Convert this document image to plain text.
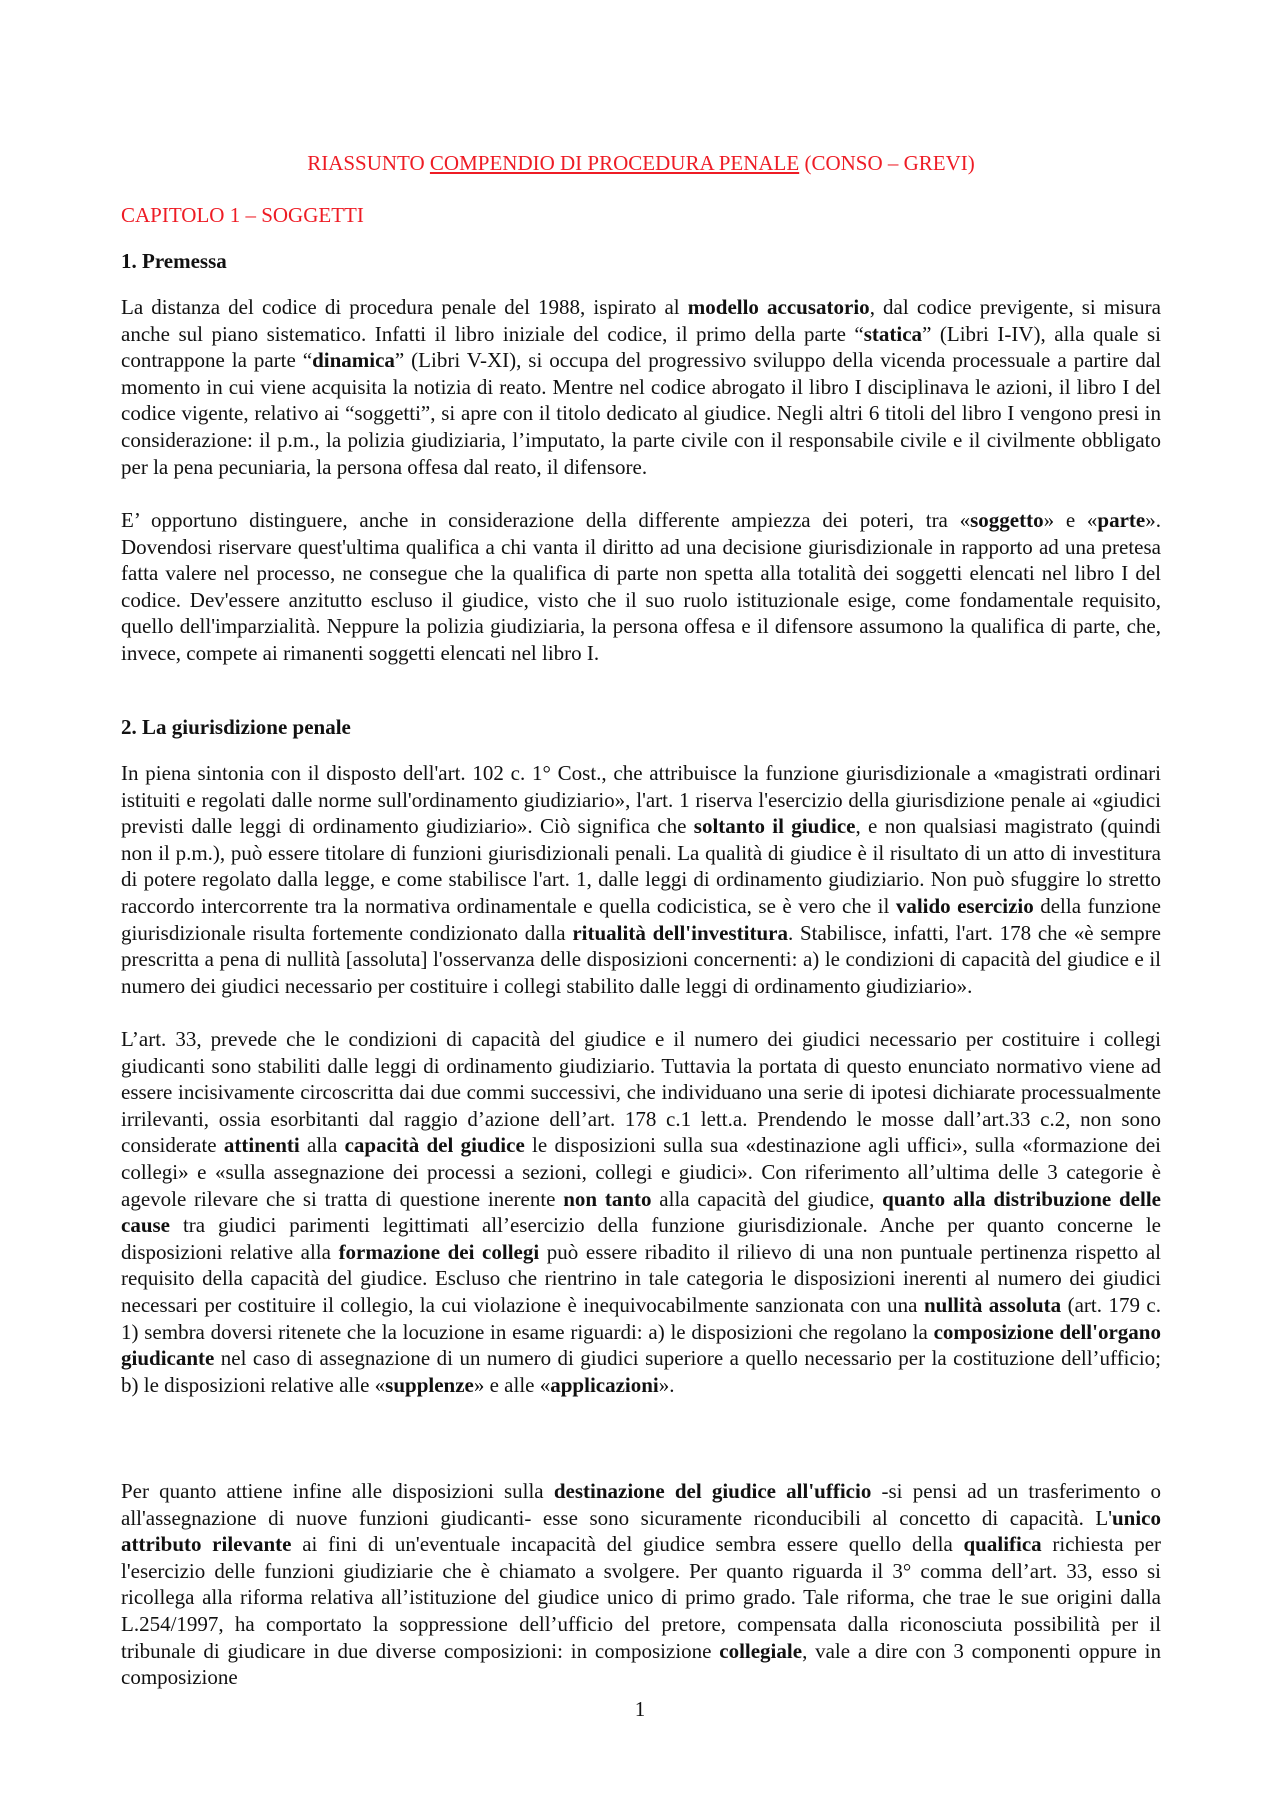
RIASSUNTO COMPENDIO DI PROCEDURA PENALE (CONSO – GREVI)

CAPITOLO 1 – SOGGETTI

1. Premessa

La distanza del codice di procedura penale del 1988, ispirato al modello accusatorio, dal codice previgente, si misura anche sul piano sistematico. Infatti il libro iniziale del codice, il primo della parte “statica” (Libri I-IV), alla quale si contrappone la parte “dinamica” (Libri V-XI), si occupa del progressivo sviluppo della vicenda processuale a partire dal momento in cui viene acquisita la notizia di reato. Mentre nel codice abrogato il libro I disciplinava le azioni, il libro I del codice vigente, relativo ai “soggetti”, si apre con il titolo dedicato al giudice. Negli altri 6 titoli del libro I vengono presi in considerazione: il p.m., la polizia giudiziaria, l’imputato, la parte civile con il responsabile civile e il civilmente obbligato per la pena pecuniaria, la persona offesa dal reato, il difensore.

E’ opportuno distinguere, anche in considerazione della differente ampiezza dei poteri, tra «soggetto» e «parte». Dovendosi riservare quest'ultima qualifica a chi vanta il diritto ad una decisione giurisdizionale in rapporto ad una pretesa fatta valere nel processo, ne consegue che la qualifica di parte non spetta alla totalità dei soggetti elencati nel libro I del codice. Dev'essere anzitutto escluso il giudice, visto che il suo ruolo istituzionale esige, come fondamentale requisito, quello dell'imparzialità. Neppure la polizia giudiziaria, la persona offesa e il difensore assumono la qualifica di parte, che, invece, compete ai rimanenti soggetti elencati nel libro I.

2. La giurisdizione penale

In piena sintonia con il disposto dell'art. 102 c. 1° Cost., che attribuisce la funzione giurisdizionale a «magistrati ordinari istituiti e regolati dalle norme sull'ordinamento giudiziario», l'art. 1 riserva l'esercizio della giurisdizione penale ai «giudici previsti dalle leggi di ordinamento giudiziario». Ciò significa che soltanto il giudice, e non qualsiasi magistrato (quindi non il p.m.), può essere titolare di funzioni giurisdizionali penali. La qualità di giudice è il risultato di un atto di investitura di potere regolato dalla legge, e come stabilisce l'art. 1, dalle leggi di ordinamento giudiziario. Non può sfuggire lo stretto raccordo intercorrente tra la normativa ordinamentale e quella codicistica, se è vero che il valido esercizio della funzione giurisdizionale risulta fortemente condizionato dalla ritualità dell'investitura. Stabilisce, infatti, l'art. 178 che «è sempre prescritta a pena di nullità [assoluta] l'osservanza delle disposizioni concernenti: a) le condizioni di capacità del giudice e il numero dei giudici necessario per costituire i collegi stabilito dalle leggi di ordinamento giudiziario».

L’art. 33, prevede che le condizioni di capacità del giudice e il numero dei giudici necessario per costituire i collegi giudicanti sono stabiliti dalle leggi di ordinamento giudiziario. Tuttavia la portata di questo enunciato normativo viene ad essere incisivamente circoscritta dai due commi successivi, che individuano una serie di ipotesi dichiarate processualmente irrilevanti, ossia esorbitanti dal raggio d’azione dell’art. 178 c.1 lett.a. Prendendo le mosse dall’art.33 c.2, non sono considerate attinenti alla capacità del giudice le disposizioni sulla sua «destinazione agli uffici», sulla «formazione dei collegi» e «sulla assegnazione dei processi a sezioni, collegi e giudici». Con riferimento all’ultima delle 3 categorie è agevole rilevare che si tratta di questione inerente non tanto alla capacità del giudice, quanto alla distribuzione delle cause tra giudici parimenti legittimati all’esercizio della funzione giurisdizionale. Anche per quanto concerne le disposizioni relative alla formazione dei collegi può essere ribadito il rilievo di una non puntuale pertinenza rispetto al requisito della capacità del giudice. Escluso che rientrino in tale categoria le disposizioni inerenti al numero dei giudici necessari per costituire il collegio, la cui violazione è inequivocabilmente sanzionata con una nullità assoluta (art. 179 c. 1) sembra doversi ritenete che la locuzione in esame riguardi: a) le disposizioni che regolano la composizione dell'organo giudicante nel caso di assegnazione di un numero di giudici superiore a quello necessario per la costituzione dell’ufficio; b) le disposizioni relative alle «supplenze» e alle «applicazioni».

Per quanto attiene infine alle disposizioni sulla destinazione del giudice all'ufficio -si pensi ad un trasferimento o all'assegnazione di nuove funzioni giudicanti- esse sono sicuramente riconducibili al concetto di capacità. L'unico attributo rilevante ai fini di un'eventuale incapacità del giudice sembra essere quello della qualifica richiesta per l'esercizio delle funzioni giudiziarie che è chiamato a svolgere. Per quanto riguarda il 3° comma dell’art. 33, esso si ricollega alla riforma relativa all’istituzione del giudice unico di primo grado. Tale riforma, che trae le sue origini dalla L.254/1997, ha comportato la soppressione dell’ufficio del pretore, compensata dalla riconosciuta possibilità per il tribunale di giudicare in due diverse composizioni: in composizione collegiale, vale a dire con 3 componenti oppure in composizione

1
